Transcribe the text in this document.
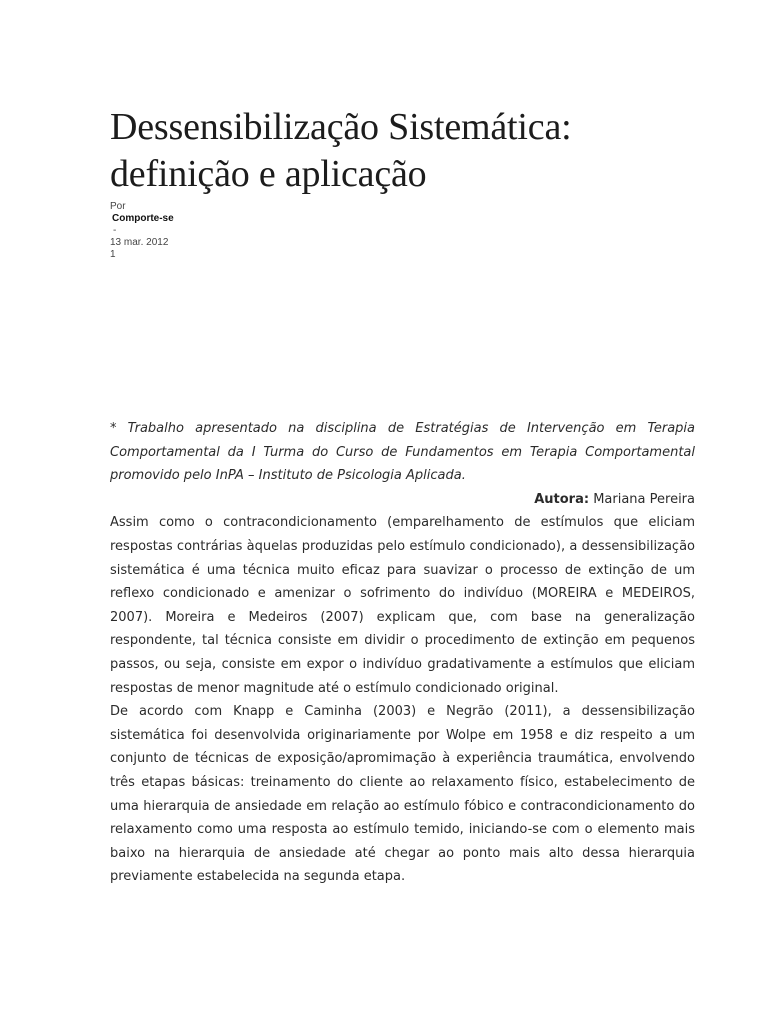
Dessensibilização Sistemática: definição e aplicação
Por
Comporte-se
-
13 mar. 2012
1

* Trabalho apresentado na disciplina de Estratégias de Intervenção em Terapia Comportamental da I Turma do Curso de Fundamentos em Terapia Comportamental promovido pelo InPA – Instituto de Psicologia Aplicada.

Autora: Mariana Pereira

Assim como o contracondicionamento (emparelhamento de estímulos que eliciam respostas contrárias àquelas produzidas pelo estímulo condicionado), a dessensibilização sistemática é uma técnica muito eficaz para suavizar o processo de extinção de um reflexo condicionado e amenizar o sofrimento do indivíduo (MOREIRA e MEDEIROS, 2007). Moreira e Medeiros (2007) explicam que, com base na generalização respondente, tal técnica consiste em dividir o procedimento de extinção em pequenos passos, ou seja, consiste em expor o indivíduo gradativamente a estímulos que eliciam respostas de menor magnitude até o estímulo condicionado original.

De acordo com Knapp e Caminha (2003) e Negrão (2011), a dessensibilização sistemática foi desenvolvida originariamente por Wolpe em 1958 e diz respeito a um conjunto de técnicas de exposição/apromimação à experiência traumática, envolvendo três etapas básicas: treinamento do cliente ao relaxamento físico, estabelecimento de uma hierarquia de ansiedade em relação ao estímulo fóbico e contracondicionamento do relaxamento como uma resposta ao estímulo temido, iniciando-se com o elemento mais baixo na hierarquia de ansiedade até chegar ao ponto mais alto dessa hierarquia previamente estabelecida na segunda etapa.
